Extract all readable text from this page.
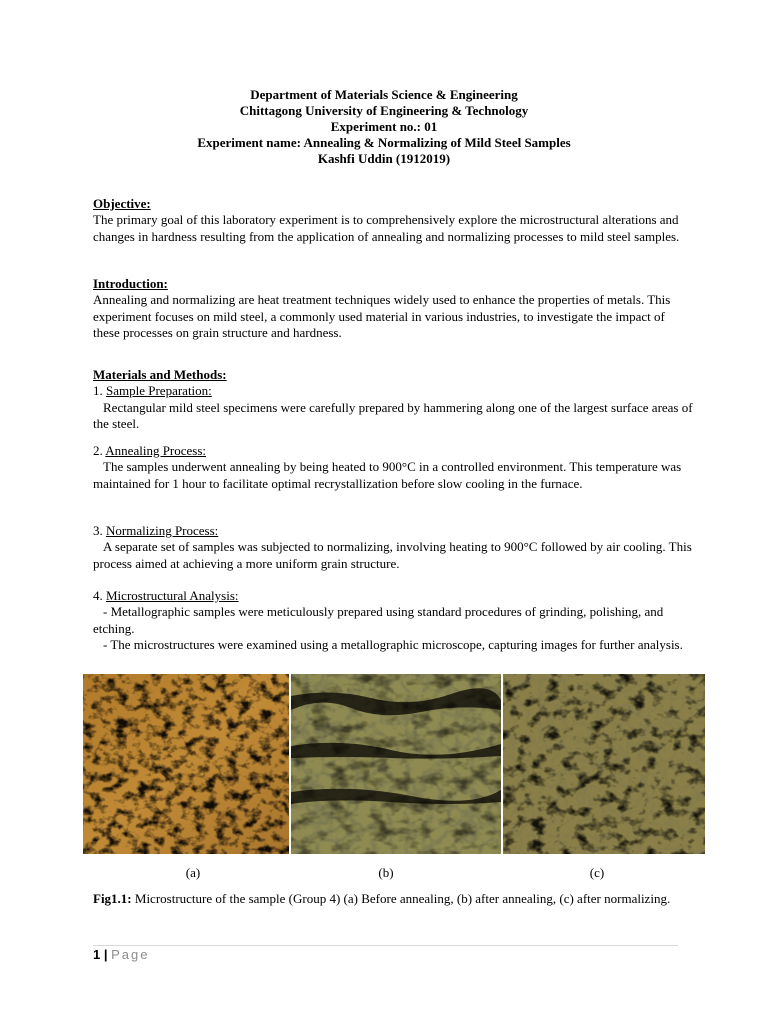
Department of Materials Science & Engineering
Chittagong University of Engineering & Technology
Experiment no.: 01
Experiment name: Annealing & Normalizing of Mild Steel Samples
Kashfi Uddin (1912019)

Objective:

The primary goal of this laboratory experiment is to comprehensively explore the microstructural alterations and changes in hardness resulting from the application of annealing and normalizing processes to mild steel samples.

Introduction:

Annealing and normalizing are heat treatment techniques widely used to enhance the properties of metals. This experiment focuses on mild steel, a commonly used material in various industries, to investigate the impact of these processes on grain structure and hardness.

Materials and Methods:

1. Sample Preparation:

Rectangular mild steel specimens were carefully prepared by hammering along one of the largest surface areas of the steel.

2. Annealing Process:

The samples underwent annealing by being heated to 900°C in a controlled environment. This temperature was maintained for 1 hour to facilitate optimal recrystallization before slow cooling in the furnace.

3. Normalizing Process:

A separate set of samples was subjected to normalizing, involving heating to 900°C followed by air cooling. This process aimed at achieving a more uniform grain structure.

4. Microstructural Analysis:

- Metallographic samples were meticulously prepared using standard procedures of grinding, polishing, and etching.

- The microstructures were examined using a metallographic microscope, capturing images for further analysis.

(a)	(b)	(c)
Fig1.1: Microstructure of the sample (Group 4) (a) Before annealing, (b) after annealing, (c) after normalizing.
1 | Page
